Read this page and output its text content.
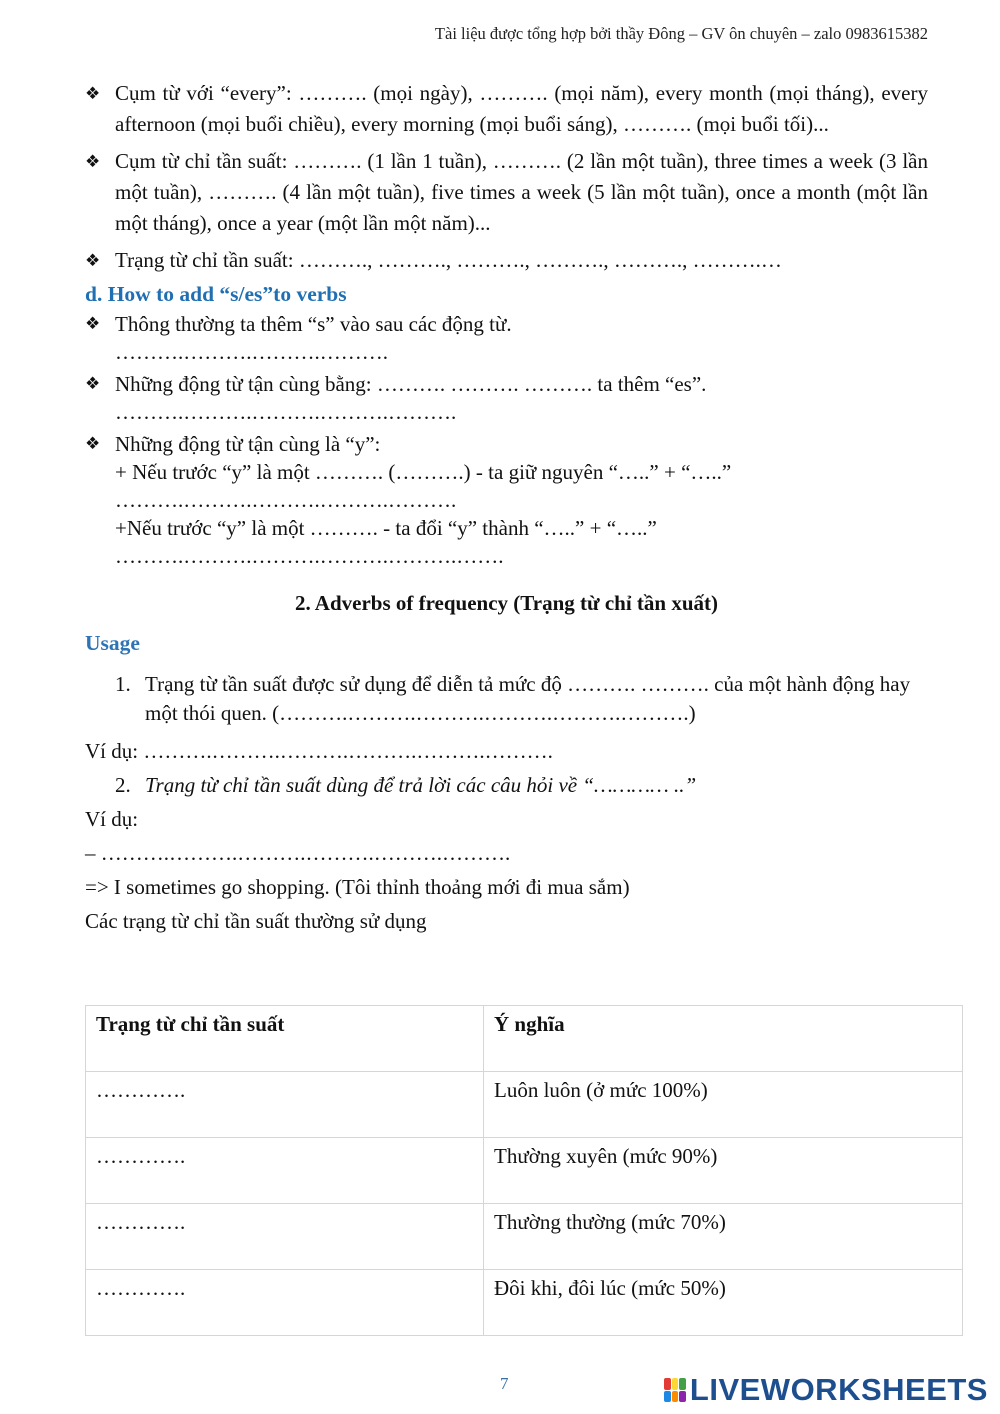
Tài liệu được tổng hợp bởi thầy Đông – GV ôn chuyên – zalo 0983615382
❖ Cụm từ với “every”: ………. (mọi ngày), ………. (mọi năm), every month (mọi tháng), every afternoon (mọi buổi chiều), every morning (mọi buổi sáng), ………. (mọi buổi tối)...
❖ Cụm từ chỉ tần suất: ………. (1 lần 1 tuần), ………. (2 lần một tuần), three times a week (3 lần một tuần), ………. (4 lần một tuần), five times a week (5 lần một tuần), once a month (một lần một tháng), once a year (một lần một năm)...
❖ Trạng từ chỉ tần suất: ………., ………., ………., ………., ………., ……….…
d. How to add “s/es”to verbs
❖ Thông thường ta thêm “s” vào sau các động từ.
……….……….……….……….
❖ Những động từ tận cùng bằng: ………. ………. ………. ta thêm “es”.
……….……….……….……….……….
❖ Những động từ tận cùng là “y”:
+ Nếu trước “y” là một ………. (……….) - ta giữ nguyên “…..” + “…..”
……….……….……….……….……….
+Nếu trước “y” là một ………. - ta đổi “y” thành “…..” + “…..”
……….……….……….……….……….…….
2. Adverbs of frequency (Trạng từ chỉ tần xuất)
Usage
1. Trạng từ tần suất được sử dụng để diễn tả mức độ ………. ………. của một hành động hay một thói quen. (……….……….……….……….……….……….)
Ví dụ: ……….……….……….……….……….……….
2. Trạng từ chỉ tần suất dùng để trả lời các câu hỏi về “………… ..”
Ví dụ:
– ……….……….……….……….……….……….
=> I sometimes go shopping. (Tôi thỉnh thoảng mới đi mua sắm)
Các trạng từ chỉ tần suất thường sử dụng
Trạng từ chỉ tần suất	Ý nghĩa
………….	Luôn luôn (ở mức 100%)
………….	Thường xuyên (mức 90%)
………….	Thường thường (mức 70%)
………….	Đôi khi, đôi lúc (mức 50%)
7	LIVEWORKSHEETS
